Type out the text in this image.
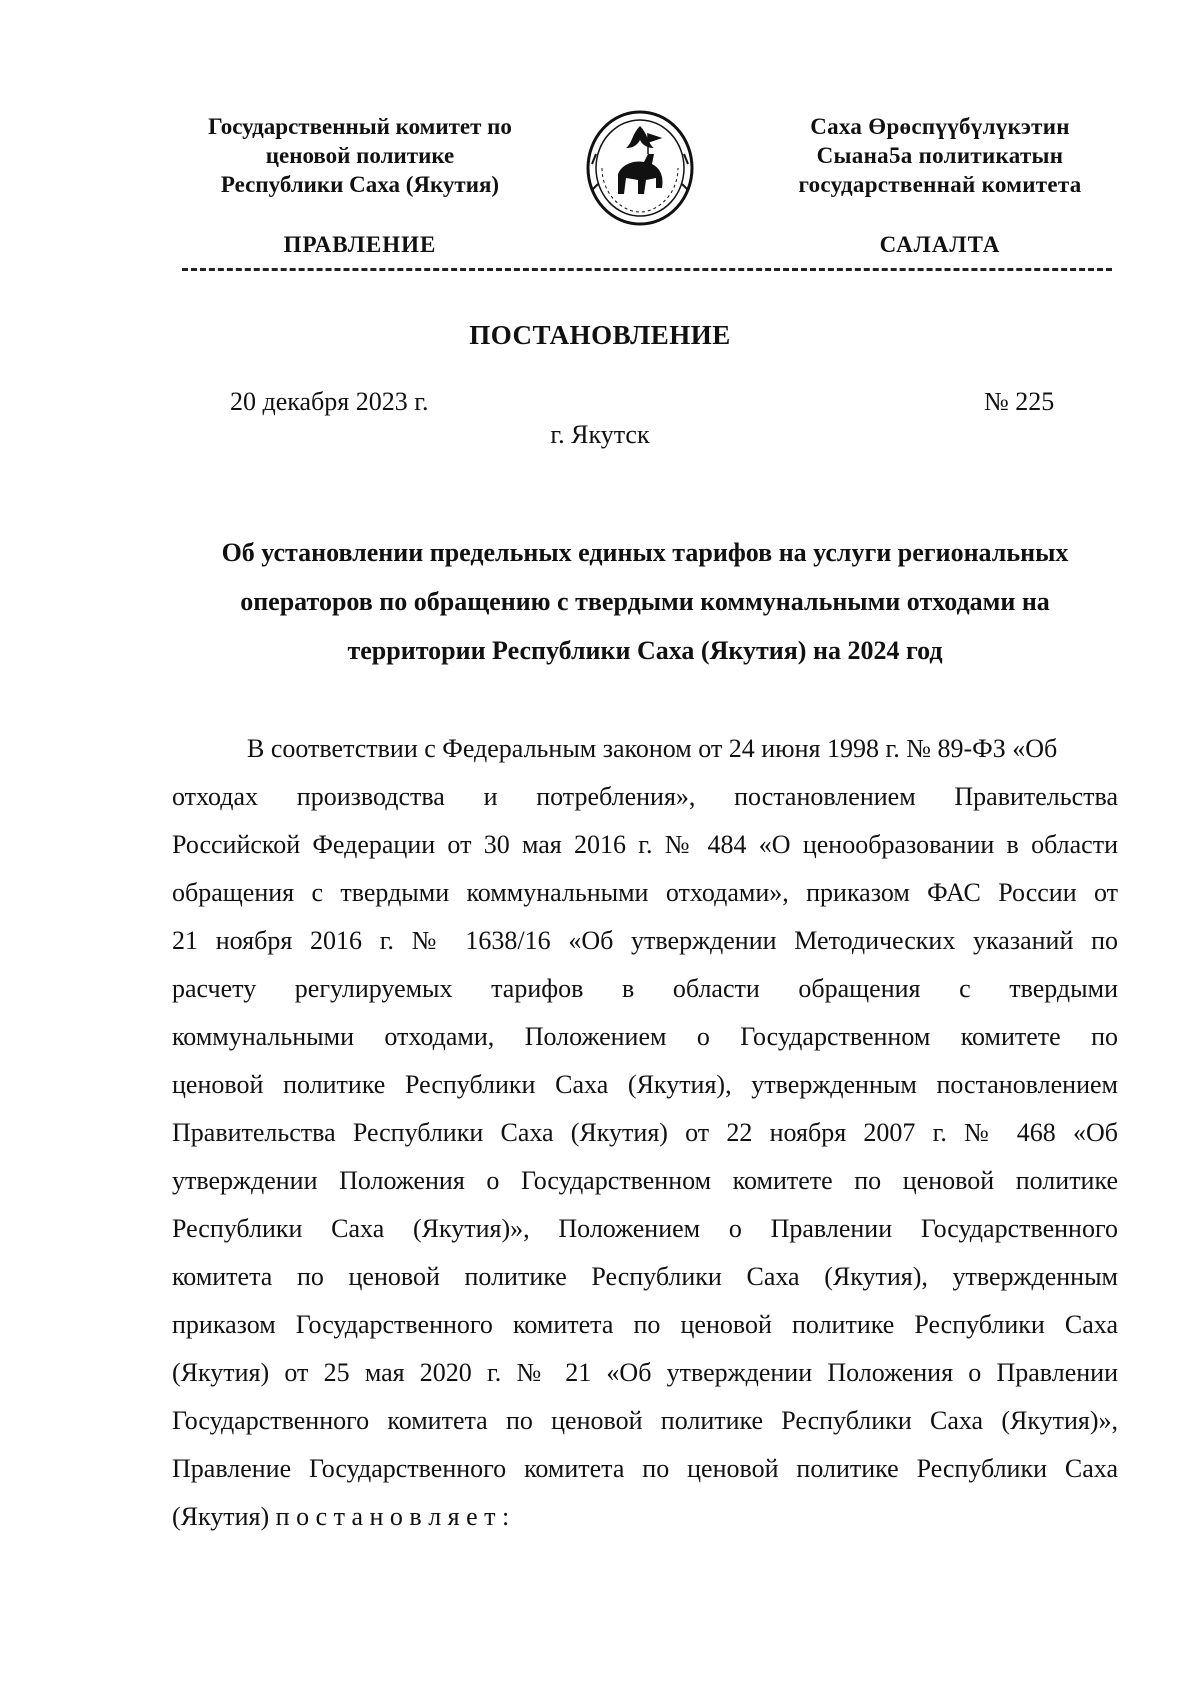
Государственный комитет по
ценовой политике
Республики Саха (Якутия)
· · ·
Саха Өрөспүүбүлүкэтин
Сыана5а политикатын
государственнай комитета
ПРАВЛЕНИЕ	САЛАЛТА
ПОСТАНОВЛЕНИЕ
20 декабря 2023 г.	№ 225
г. Якутск
Об установлении предельных единых тарифов на услуги региональных
операторов по обращению с твердыми коммунальными отходами на
территории Республики Саха (Якутия) на 2024 год
В соответствии с Федеральным законом от 24 июня 1998 г. № 89-ФЗ «Об
отходах производства и потребления», постановлением Правительства
Российской Федерации от 30 мая 2016 г. № 484 «О ценообразовании в области
обращения с твердыми коммунальными отходами», приказом ФАС России от
21 ноября 2016 г. № 1638/16 «Об утверждении Методических указаний по
расчету регулируемых тарифов в области обращения с твердыми
коммунальными отходами, Положением о Государственном комитете по
ценовой политике Республики Саха (Якутия), утвержденным постановлением
Правительства Республики Саха (Якутия) от 22 ноября 2007 г. № 468 «Об
утверждении Положения о Государственном комитете по ценовой политике
Республики Саха (Якутия)», Положением о Правлении Государственного
комитета по ценовой политике Республики Саха (Якутия), утвержденным
приказом Государственного комитета по ценовой политике Республики Саха
(Якутия) от 25 мая 2020 г. № 21 «Об утверждении Положения о Правлении
Государственного комитета по ценовой политике Республики Саха (Якутия)»,
Правление Государственного комитета по ценовой политике Республики Саха
(Якутия) п о с т а н о в л я е т :
